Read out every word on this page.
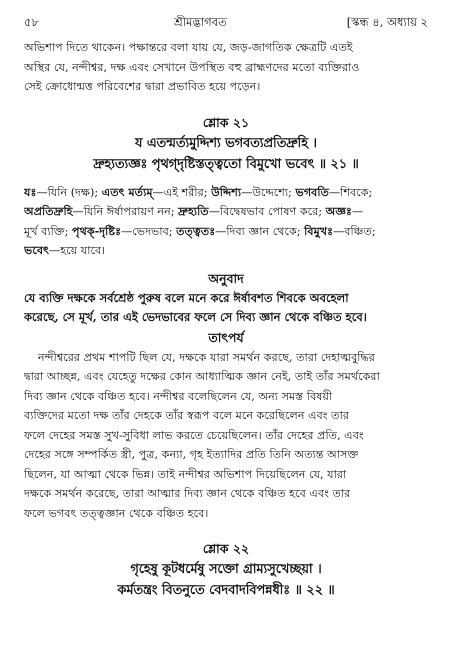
৫৮	শ্রীমদ্ভাগবত	[স্কন্ধ ৪, অধ্যায় ২
অভিশাপ দিতে থাকেন। পক্ষান্তরে বলা যায় যে, জড়-জাগতিক ক্ষেত্রটি এতই
অস্থির যে, নন্দীশ্বর, দক্ষ এবং সেখানে উপস্থিত বহু ব্রাহ্মণদের মতো ব্যক্তিরাও
সেই ক্রোধোন্মত্ত পরিবেশের দ্বারা প্রভাবিত হয়ে পড়েন।
শ্লোক ২১
য এতন্মর্ত্যমুদ্দিশ্য ভগবত্যপ্রতিদ্রুহি ।
দ্রুহ্যত্যজ্ঞঃ পৃথগ্‌দৃষ্টিস্তত্ত্বতো বিমুখো ভবেৎ ॥ ২১ ॥
যঃ—যিনি (দক্ষ); এতৎ মর্ত্যম্—এই শরীর; উদ্দিশ্য—উদ্দেশ্যে; ভগবতি—শিবকে;
অপ্রতিদ্রুহি—যিনি ঈর্ষাপরায়ণ নন; দ্রুহ্যতি—বিদ্বেষভাব পোষণ করে; অজ্ঞঃ—
মূর্খ ব্যক্তি; পৃথক্‌-দৃষ্টিঃ—ভেদভাব; তত্ত্বতঃ—দিব্য জ্ঞান থেকে; বিমুখঃ—বঞ্চিত;
ভবেৎ—হয়ে যাবে।
অনুবাদ
যে ব্যক্তি দক্ষকে সর্বশ্রেষ্ঠ পুরুষ বলে মনে করে ঈর্ষাবশত শিবকে অবহেলা
করেছে, সে মূর্খ, তার এই ভেদভাবের ফলে সে দিব্য জ্ঞান থেকে বঞ্চিত হবে।
তাৎপর্য
নন্দীশ্বরের প্রথম শাপটি ছিল যে, দক্ষকে যারা সমর্থন করছে, তারা দেহাত্মবুদ্ধির
দ্বারা আচ্ছন্ন, এবং যেহেতু দক্ষের কোন আধ্যাত্মিক জ্ঞান নেই, তাই তাঁর সমর্থকেরা
দিব্য জ্ঞান থেকে বঞ্চিত হবে। নন্দীশ্বর বলেছিলেন যে, অন্য সমস্ত বিষয়ী
ব্যক্তিদের মতো দক্ষ তাঁর দেহকে তাঁর স্বরূপ বলে মনে করেছিলেন এবং তার
ফলে দেহের সমস্ত সুখ-সুবিধা লাভ করতে চেয়েছিলেন। তাঁর দেহের প্রতি, এবং
দেহের সঙ্গে সম্পর্কিত স্ত্রী, পুত্র, কন্যা, গৃহ ইত্যাদির প্রতি তিনি অত্যন্ত আসক্ত
ছিলেন, যা আত্মা থেকে ভিন্ন। তাই নন্দীশ্বর অভিশাপ দিয়েছিলেন যে, যারা
দক্ষকে সমর্থন করেছে, তারা আত্মার দিব্য জ্ঞান থেকে বঞ্চিত হবে এবং তার
ফলে ভগবৎ তত্ত্বজ্ঞান থেকে বঞ্চিত হবে।
শ্লোক ২২
গৃহেষু কূটধর্মেষু সক্তো গ্রাম্যসুখেচ্ছয়া ।
কর্মতন্ত্রং বিতনুতে বেদবাদবিপন্নধীঃ ॥ ২২ ॥
